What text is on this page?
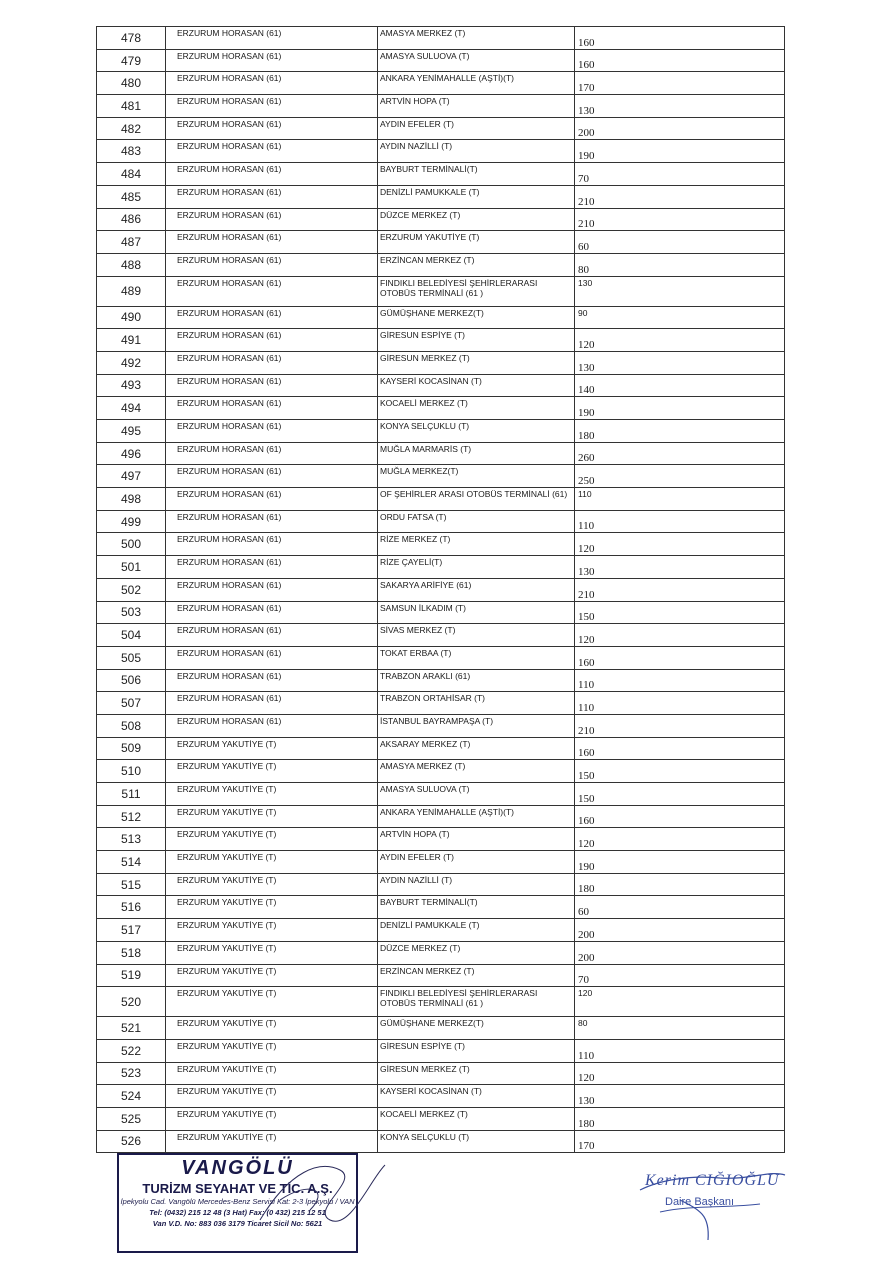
478	ERZURUM HORASAN (61)	AMASYA MERKEZ (T)	160
479	ERZURUM HORASAN (61)	AMASYA SULUOVA (T)	160
480	ERZURUM HORASAN (61)	ANKARA YENİMAHALLE (AŞTİ)(T)	170
481	ERZURUM HORASAN (61)	ARTVİN HOPA (T)	130
482	ERZURUM HORASAN (61)	AYDIN EFELER (T)	200
483	ERZURUM HORASAN (61)	AYDIN NAZİLLİ (T)	190
484	ERZURUM HORASAN (61)	BAYBURT TERMİNALİ(T)	70
485	ERZURUM HORASAN (61)	DENİZLİ PAMUKKALE (T)	210
486	ERZURUM HORASAN (61)	DÜZCE MERKEZ (T)	210
487	ERZURUM HORASAN (61)	ERZURUM YAKUTİYE (T)	60
488	ERZURUM HORASAN (61)	ERZİNCAN MERKEZ (T)	80
489	ERZURUM HORASAN (61)	FINDIKLI BELEDİYESİ ŞEHİRLERARASI OTOBÜS TERMİNALİ (61 )	130
490	ERZURUM HORASAN (61)	GÜMÜŞHANE MERKEZ(T)	90
491	ERZURUM HORASAN (61)	GİRESUN ESPİYE (T)	120
492	ERZURUM HORASAN (61)	GİRESUN MERKEZ (T)	130
493	ERZURUM HORASAN (61)	KAYSERİ KOCASİNAN (T)	140
494	ERZURUM HORASAN (61)	KOCAELİ MERKEZ (T)	190
495	ERZURUM HORASAN (61)	KONYA SELÇUKLU (T)	180
496	ERZURUM HORASAN (61)	MUĞLA MARMARİS (T)	260
497	ERZURUM HORASAN (61)	MUĞLA MERKEZ(T)	250
498	ERZURUM HORASAN (61)	OF ŞEHİRLER ARASI OTOBÜS TERMİNALİ (61)	110
499	ERZURUM HORASAN (61)	ORDU FATSA (T)	110
500	ERZURUM HORASAN (61)	RİZE MERKEZ (T)	120
501	ERZURUM HORASAN (61)	RİZE ÇAYELİ(T)	130
502	ERZURUM HORASAN (61)	SAKARYA ARİFİYE (61)	210
503	ERZURUM HORASAN (61)	SAMSUN İLKADIM (T)	150
504	ERZURUM HORASAN (61)	SİVAS MERKEZ (T)	120
505	ERZURUM HORASAN (61)	TOKAT ERBAA (T)	160
506	ERZURUM HORASAN (61)	TRABZON ARAKLI (61)	110
507	ERZURUM HORASAN (61)	TRABZON ORTAHİSAR (T)	110
508	ERZURUM HORASAN (61)	İSTANBUL BAYRAMPAŞA (T)	210
509	ERZURUM YAKUTİYE (T)	AKSARAY MERKEZ (T)	160
510	ERZURUM YAKUTİYE (T)	AMASYA MERKEZ (T)	150
511	ERZURUM YAKUTİYE (T)	AMASYA SULUOVA (T)	150
512	ERZURUM YAKUTİYE (T)	ANKARA YENİMAHALLE (AŞTİ)(T)	160
513	ERZURUM YAKUTİYE (T)	ARTVİN HOPA (T)	120
514	ERZURUM YAKUTİYE (T)	AYDIN EFELER (T)	190
515	ERZURUM YAKUTİYE (T)	AYDIN NAZİLLİ (T)	180
516	ERZURUM YAKUTİYE (T)	BAYBURT TERMİNALİ(T)	60
517	ERZURUM YAKUTİYE (T)	DENİZLİ PAMUKKALE (T)	200
518	ERZURUM YAKUTİYE (T)	DÜZCE MERKEZ (T)	200
519	ERZURUM YAKUTİYE (T)	ERZİNCAN MERKEZ (T)	70
520	ERZURUM YAKUTİYE (T)	FINDIKLI BELEDİYESİ ŞEHİRLERARASI OTOBÜS TERMİNALİ (61 )	120
521	ERZURUM YAKUTİYE (T)	GÜMÜŞHANE MERKEZ(T)	80
522	ERZURUM YAKUTİYE (T)	GİRESUN ESPİYE (T)	110
523	ERZURUM YAKUTİYE (T)	GİRESUN MERKEZ (T)	120
524	ERZURUM YAKUTİYE (T)	KAYSERİ KOCASİNAN (T)	130
525	ERZURUM YAKUTİYE (T)	KOCAELİ MERKEZ (T)	180
526	ERZURUM YAKUTİYE (T)	KONYA SELÇUKLU (T)	170
VANGÖLÜ
TURİZM SEYAHAT VE TİC. A.Ş.
İpekyolu Cad. Vangölü Mercedes-Benz Servisi Kat: 2-3 İpekyolu / VAN
Tel: (0432) 215 12 48 (3 Hat) Fax: (0 432) 215 12 51
Van V.D. No: 883 036 3179 Ticaret Sicil No: 5621
Kerim CIĞIOĞLU
Daire Başkanı
